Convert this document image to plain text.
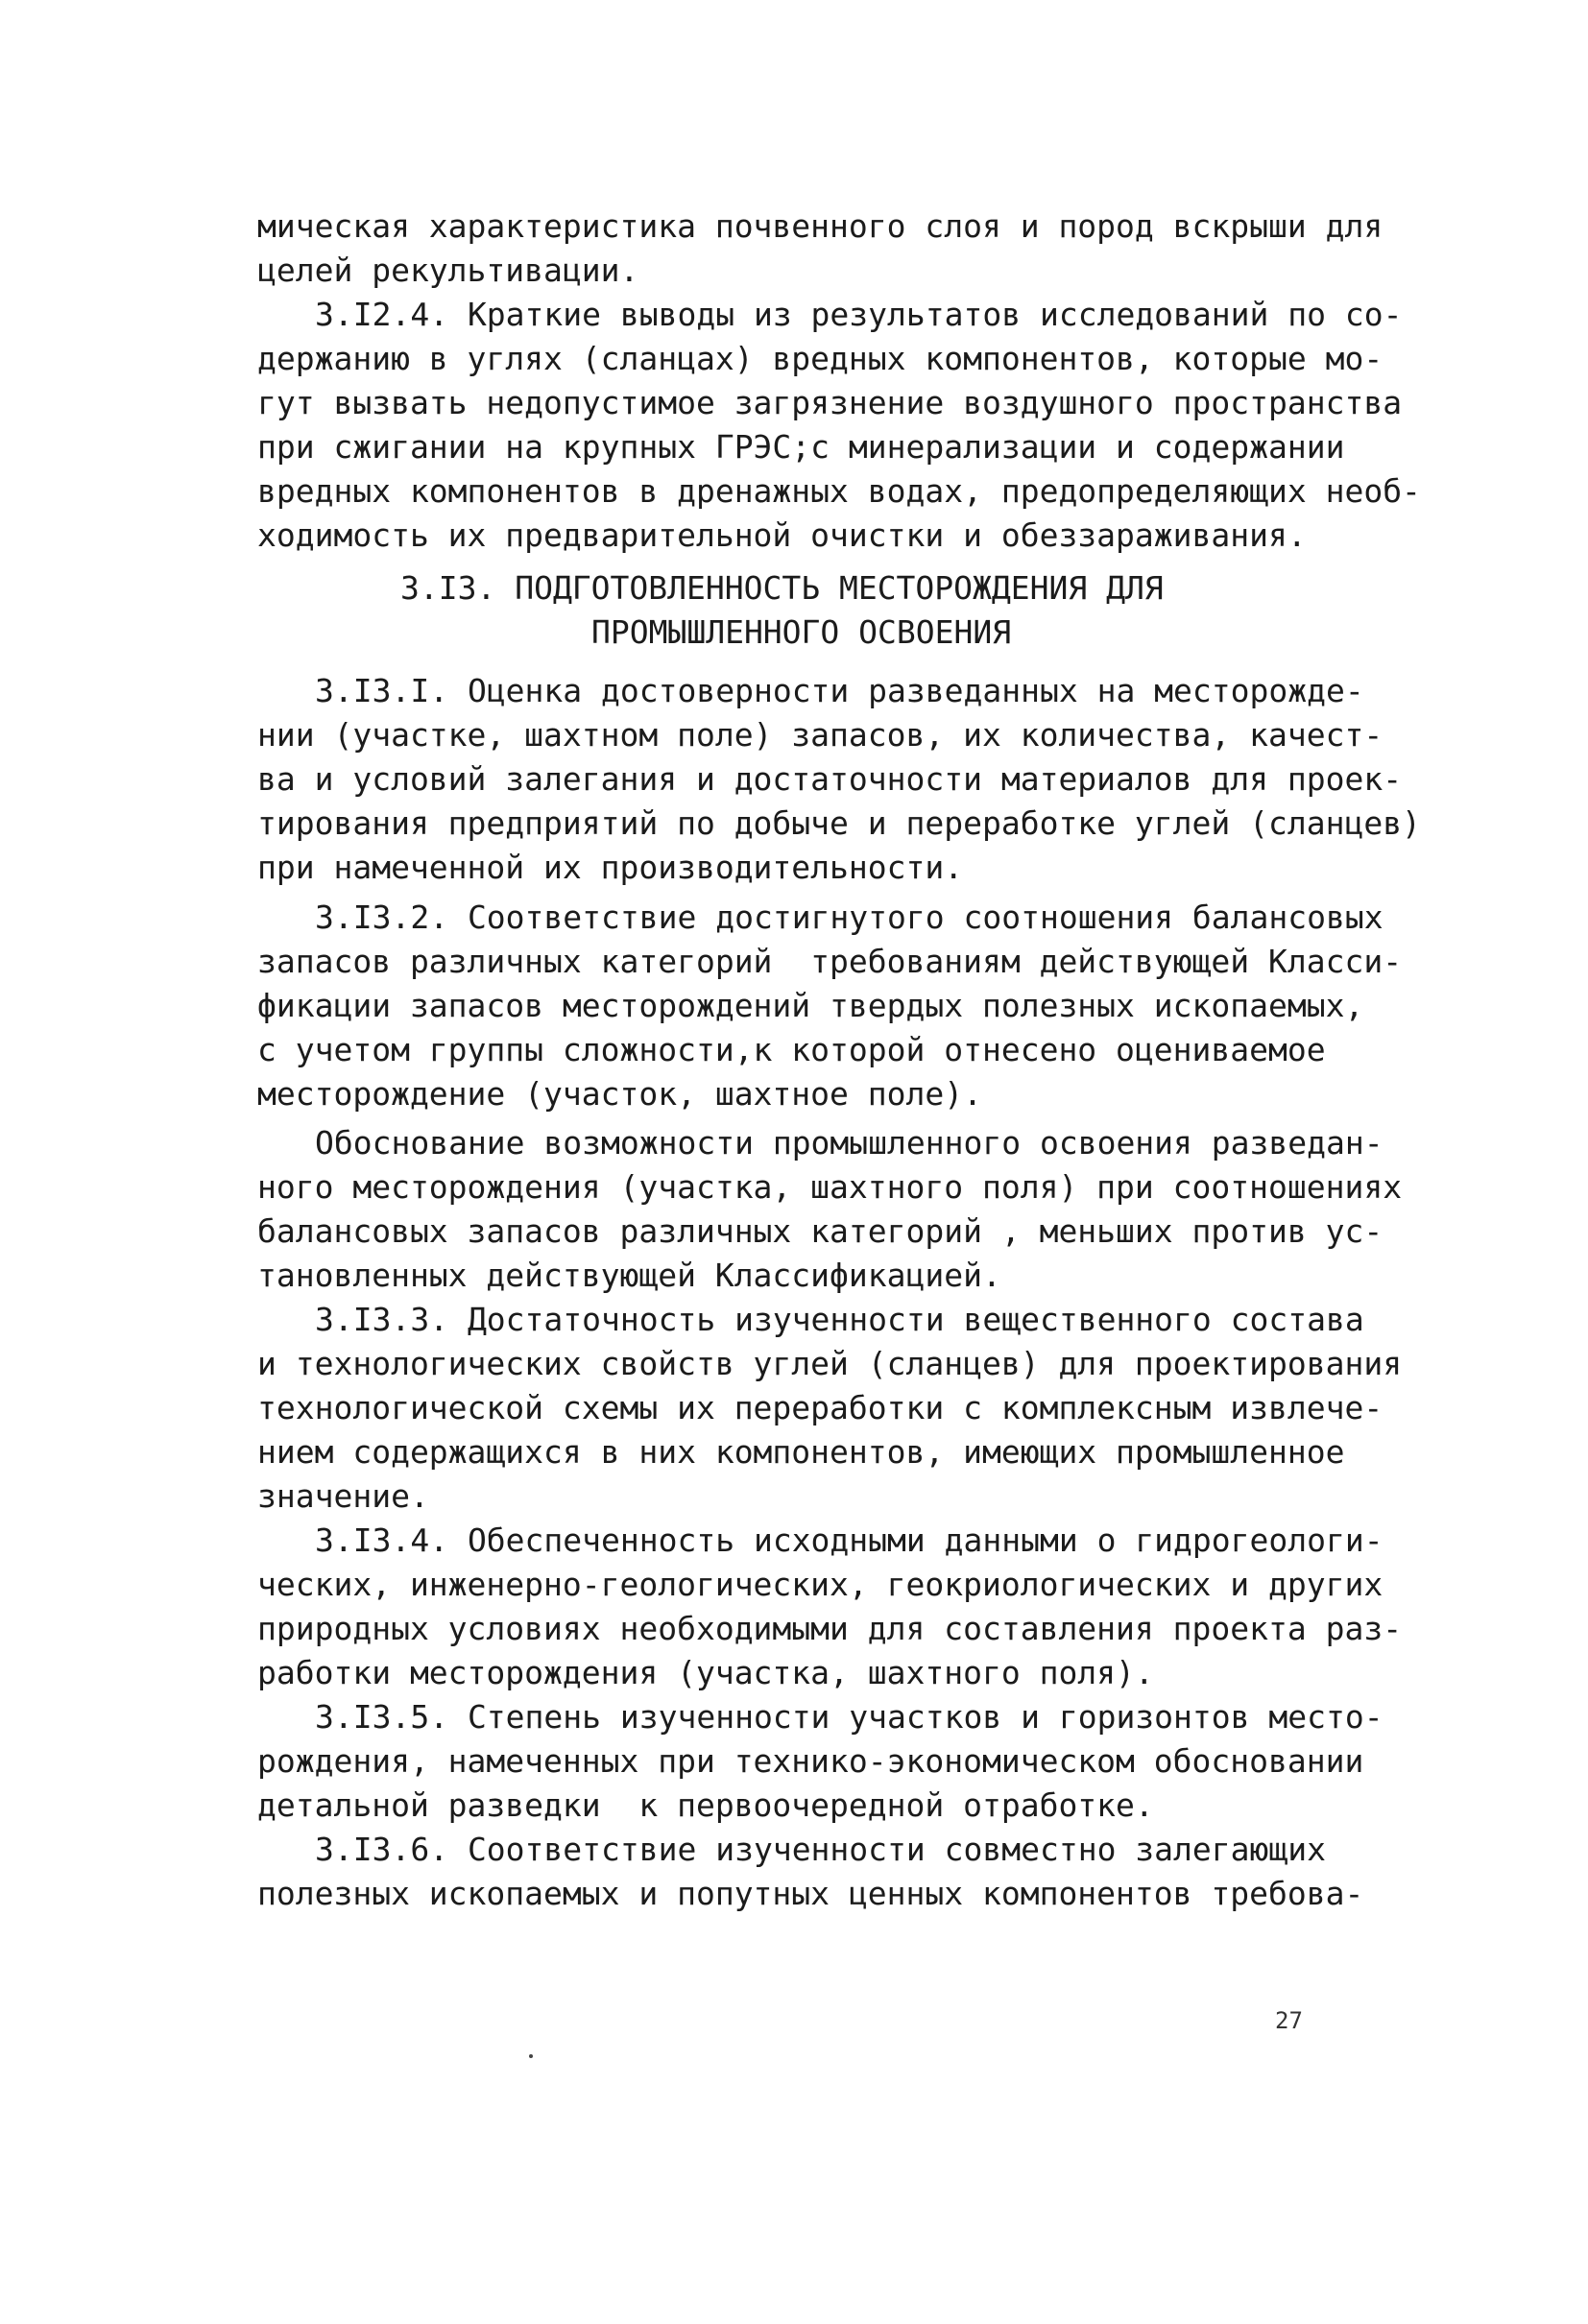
мическая характеристика почвенного слоя и пород вскрыши для
целей рекультивации.
3.I2.4. Краткие выводы из результатов исследований по со-
держанию в углях (сланцах) вредных компонентов, которые мо-
гут вызвать недопустимое загрязнение воздушного пространства
при сжигании на крупных ГРЭС;с минерализации и содержании
вредных компонентов в дренажных водах, предопределяющих необ-
ходимость их предварительной очистки и обеззараживания.
3.I3. ПОДГОТОВЛЕННОСТЬ МЕСТОРОЖДЕНИЯ ДЛЯ
ПРОМЫШЛЕННОГО ОСВОЕНИЯ
3.I3.I. Оценка достоверности разведанных на месторожде-
нии (участке, шахтном поле) запасов, их количества, качест-
ва и условий залегания и достаточности материалов для проек-
тирования предприятий по добыче и переработке углей (сланцев)
при намеченной их производительности.
3.I3.2. Соответствие достигнутого соотношения балансовых
запасов различных категорий  требованиям действующей Класси-
фикации запасов месторождений твердых полезных ископаемых,
с учетом группы сложности,к которой отнесено оцениваемое
месторождение (участок, шахтное поле).
Обоснование возможности промышленного освоения разведан-
ного месторождения (участка, шахтного поля) при соотношениях
балансовых запасов различных категорий , меньших против ус-
тановленных действующей Классификацией.
3.I3.3. Достаточность изученности вещественного состава
и технологических свойств углей (сланцев) для проектирования
технологической схемы их переработки с комплексным извлече-
нием содержащихся в них компонентов, имеющих промышленное
значение.
3.I3.4. Обеспеченность исходными данными о гидрогеологи-
ческих, инженерно-геологических, геокриологических и других
природных условиях необходимыми для составления проекта раз-
работки месторождения (участка, шахтного поля).
3.I3.5. Степень изученности участков и горизонтов место-
рождения, намеченных при технико-экономическом обосновании
детальной разведки  к первоочередной отработке.
3.I3.6. Соответствие изученности совместно залегающих
полезных ископаемых и попутных ценных компонентов требова-
27
